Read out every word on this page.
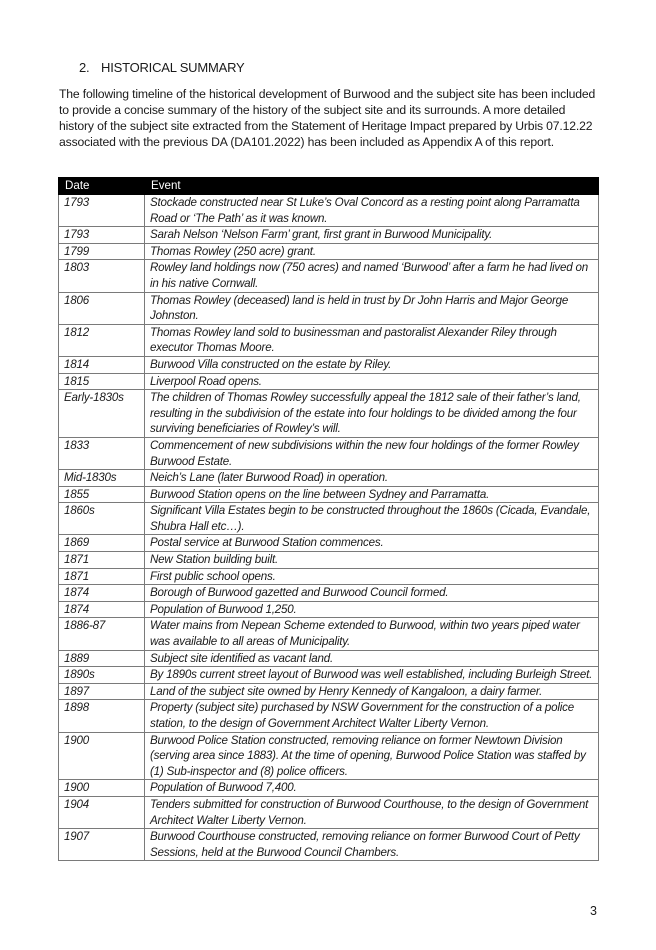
2. HISTORICAL SUMMARY

The following timeline of the historical development of Burwood and the subject site has been included to provide a concise summary of the history of the subject site and its surrounds. A more detailed history of the subject site extracted from the Statement of Heritage Impact prepared by Urbis 07.12.22 associated with the previous DA (DA101.2022) has been included as Appendix A of this report.

Date	Event
1793	Stockade constructed near St Luke’s Oval Concord as a resting point along Parramatta Road or ‘The Path’ as it was known.
1793	Sarah Nelson ‘Nelson Farm’ grant, first grant in Burwood Municipality.
1799	Thomas Rowley (250 acre) grant.
1803	Rowley land holdings now (750 acres) and named ‘Burwood’ after a farm he had lived on in his native Cornwall.
1806	Thomas Rowley (deceased) land is held in trust by Dr John Harris and Major George Johnston.
1812	Thomas Rowley land sold to businessman and pastoralist Alexander Riley through executor Thomas Moore.
1814	Burwood Villa constructed on the estate by Riley.
1815	Liverpool Road opens.
Early-1830s	The children of Thomas Rowley successfully appeal the 1812 sale of their father’s land, resulting in the subdivision of the estate into four holdings to be divided among the four surviving beneficiaries of Rowley’s will.
1833	Commencement of new subdivisions within the new four holdings of the former Rowley Burwood Estate.
Mid-1830s	Neich’s Lane (later Burwood Road) in operation.
1855	Burwood Station opens on the line between Sydney and Parramatta.
1860s	Significant Villa Estates begin to be constructed throughout the 1860s (Cicada, Evandale, Shubra Hall etc…).
1869	Postal service at Burwood Station commences.
1871	New Station building built.
1871	First public school opens.
1874	Borough of Burwood gazetted and Burwood Council formed.
1874	Population of Burwood 1,250.
1886-87	Water mains from Nepean Scheme extended to Burwood, within two years piped water was available to all areas of Municipality.
1889	Subject site identified as vacant land.
1890s	By 1890s current street layout of Burwood was well established, including Burleigh Street.
1897	Land of the subject site owned by Henry Kennedy of Kangaloon, a dairy farmer.
1898	Property (subject site) purchased by NSW Government for the construction of a police station, to the design of Government Architect Walter Liberty Vernon.
1900	Burwood Police Station constructed, removing reliance on former Newtown Division (serving area since 1883). At the time of opening, Burwood Police Station was staffed by (1) Sub-inspector and (8) police officers.
1900	Population of Burwood 7,400.
1904	Tenders submitted for construction of Burwood Courthouse, to the design of Government Architect Walter Liberty Vernon.
1907	Burwood Courthouse constructed, removing reliance on former Burwood Court of Petty Sessions, held at the Burwood Council Chambers.
3
